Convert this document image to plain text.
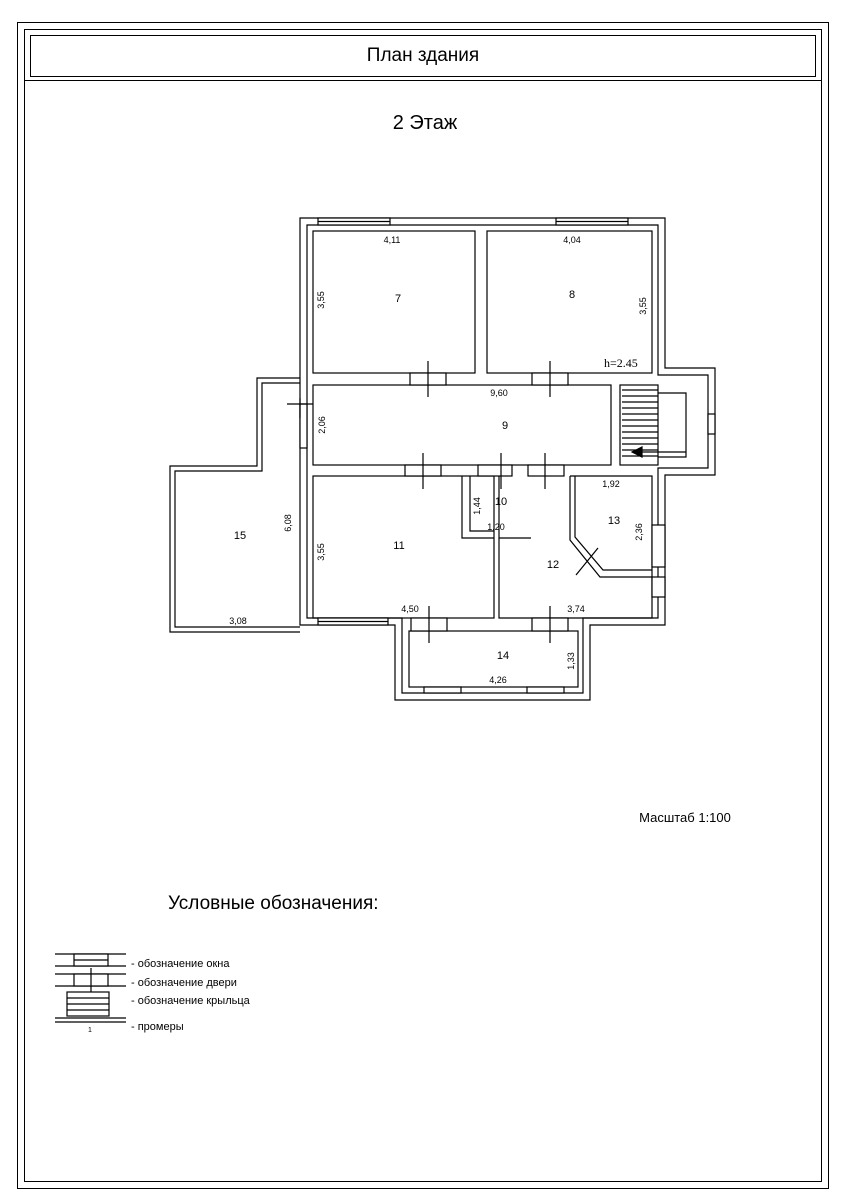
План здания
2 Этаж
4,11
7
3,55
4,04
8
3,55
h=2.45
9,60
9
2,06
10
1,44
1,20
11
3,55
4,50
12
3,74
1,92
13
2,36
14
4,26
1,33
15
3,08
6,08
1
Масштаб 1:100
Условные обозначения:
- обозначение окна
- обозначение двери
- обозначение крыльца
- промеры
